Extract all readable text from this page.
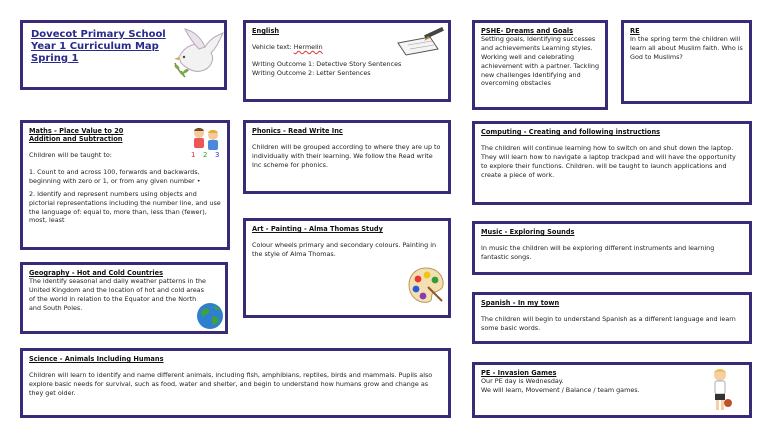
Dovecot Primary School
Year 1 Curriculum Map
Spring 1
English

Vehicle text: Hermelin

Writing Outcome 1: Detective Story Sentences

Writing Outcome 2: Letter Sentences

PSHE- Dreams and Goals

Setting goals, Identifying successes and achievements Learning styles. Working well and celebrating achievement with a partner. Tackling new challenges Identifying and overcoming obstacles

RE

In the spring term the children will learn all about Muslim faith. Who is God to Muslims?

Maths - Place Value to 20
Addition and Subtraction

Children will be taught to:

1. Count to and across 100, forwards and backwards, beginning with zero or 1, or from any given number •

2. Identify and represent numbers using objects and pictorial representations including the number line, and use the language of: equal to, more than, less than (fewer), most, least

1 2 3
Phonics - Read Write Inc

Children will be grouped according to where they are up to individually with their learning. We follow the Read write Inc scheme for phonics.

Computing - Creating and following instructions

The children will continue learning how to switch on and shut down the laptop. They will learn how to navigate a laptop trackpad and will have the opportunity to explore their functions. Children. will be taught to launch applications and create a piece of work.

Art - Painting - Alma Thomas Study

Colour wheels primary and secondary colours. Painting in the style of Alma Thomas.

Music - Exploring Sounds

In music the children will be exploring different instruments and learning fantastic songs.

Geography - Hot and Cold Countries

The identify seasonal and daily weather patterns in the United Kingdom and the location of hot and cold areas of the world in relation to the Equator and the North and South Poles.

Spanish - In my town

The children will begin to understand Spanish as a different language and learn some basic words.

Science - Animals Including Humans

Children will learn to identify and name different animals, including fish, amphibians, reptiles, birds and mammals. Pupils also explore basic needs for survival, such as food, water and shelter, and begin to understand how humans grow and change as they get older.

PE - Invasion Games

Our PE day is Wednesday.

We will learn, Movement / Balance / team games.
